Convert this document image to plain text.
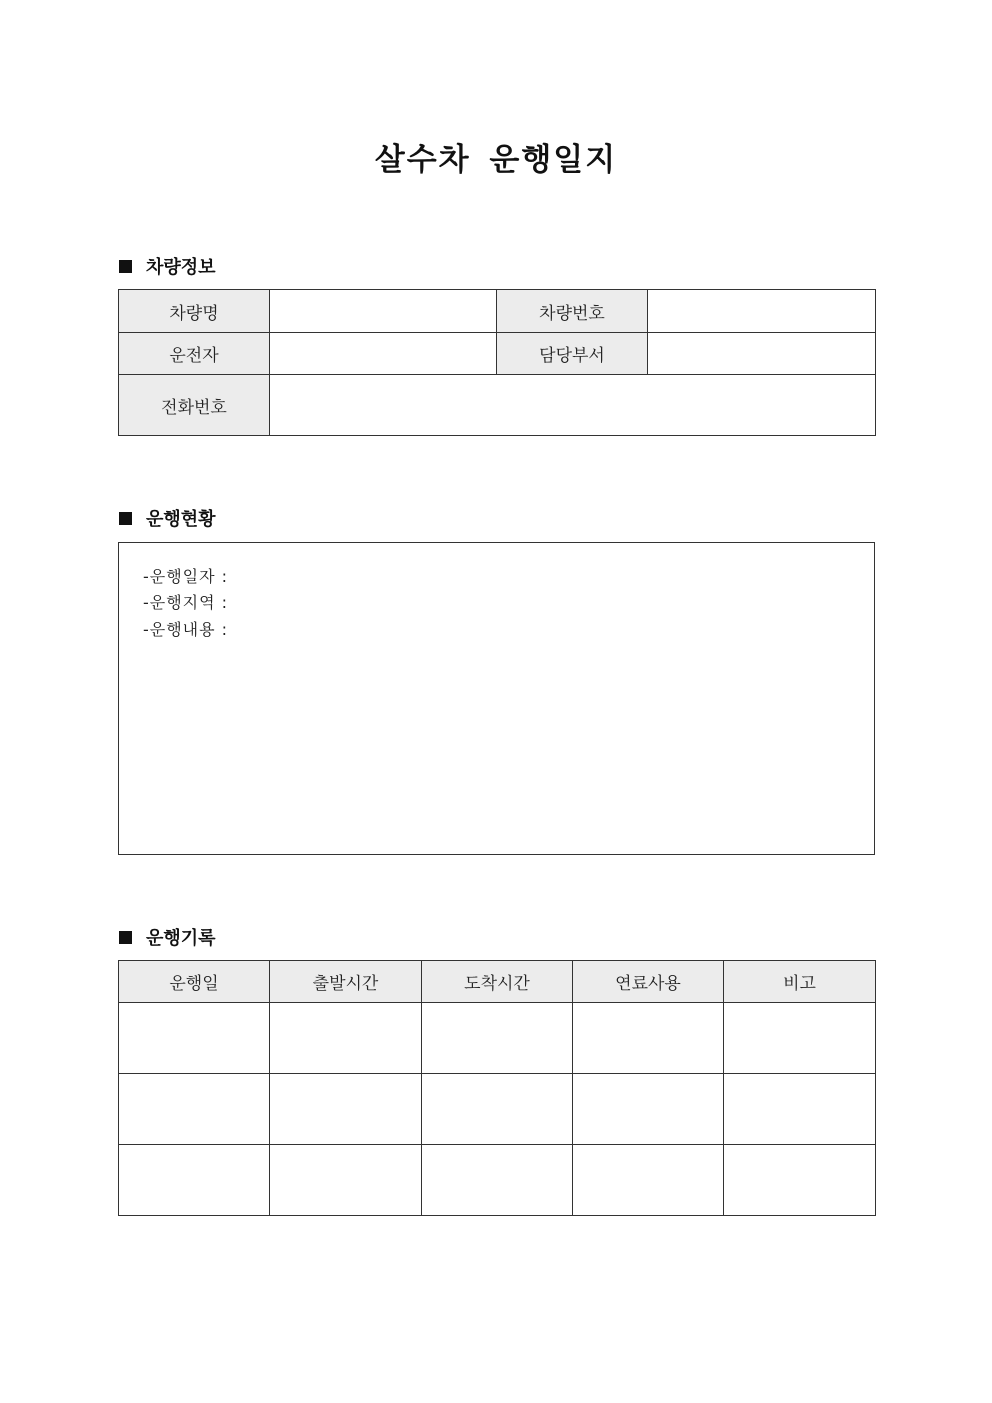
살수차 운행일지
차량정보
차량명		차량번호	
운전자		담당부서	
전화번호			
운행현황
-운행일자 :
-운행지역 :
-운행내용 :
운행기록
운행일	출발시간	도착시간	연료사용	비고
